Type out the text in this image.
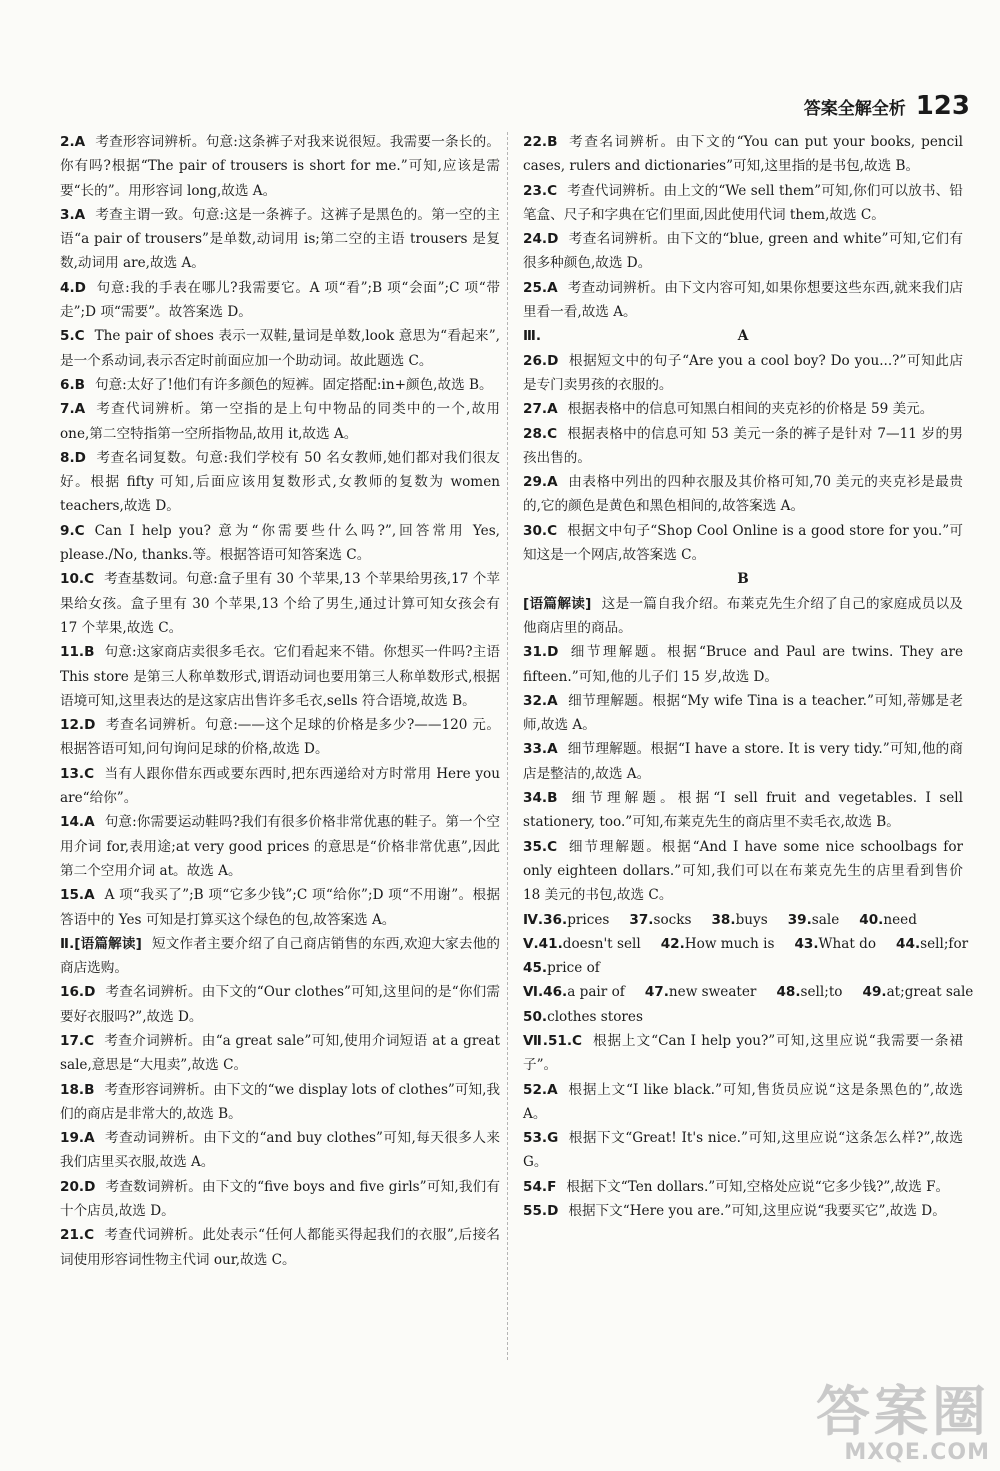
答案全解全析 123

2.A 考查形容词辨析。句意:这条裤子对我来说很短。我需要一条长的。你有吗?根据“The pair of trousers is short for me.”可知,应该是需要“长的”。用形容词 long,故选 A。

3.A 考查主谓一致。句意:这是一条裤子。这裤子是黑色的。第一空的主语“a pair of trousers”是单数,动词用 is;第二空的主语 trousers 是复数,动词用 are,故选 A。

4.D 句意:我的手表在哪儿?我需要它。A 项“看”;B 项“会面”;C 项“带走”;D 项“需要”。故答案选 D。

5.C The pair of shoes 表示一双鞋,量词是单数,look 意思为“看起来”,是一个系动词,表示否定时前面应加一个助动词。故此题选 C。

6.B 句意:太好了!他们有许多颜色的短裤。固定搭配:in+颜色,故选 B。

7.A 考查代词辨析。第一空指的是上句中物品的同类中的一个,故用 one,第二空特指第一空所指物品,故用 it,故选 A。

8.D 考查名词复数。句意:我们学校有 50 名女教师,她们都对我们很友好。根据 fifty 可知,后面应该用复数形式,女教师的复数为 women teachers,故选 D。

9.C Can I help you? 意为“你需要些什么吗?”,回答常用 Yes, please./No, thanks.等。根据答语可知答案选 C。

10.C 考查基数词。句意:盒子里有 30 个苹果,13 个苹果给男孩,17 个苹果给女孩。盒子里有 30 个苹果,13 个给了男生,通过计算可知女孩会有 17 个苹果,故选 C。

11.B 句意:这家商店卖很多毛衣。它们看起来不错。你想买一件吗?主语 This store 是第三人称单数形式,谓语动词也要用第三人称单数形式,根据语境可知,这里表达的是这家店出售许多毛衣,sells 符合语境,故选 B。

12.D 考查名词辨析。句意:——这个足球的价格是多少?——120 元。根据答语可知,问句询问足球的价格,故选 D。

13.C 当有人跟你借东西或要东西时,把东西递给对方时常用 Here you are“给你”。

14.A 句意:你需要运动鞋吗?我们有很多价格非常优惠的鞋子。第一个空用介词 for,表用途;at very good prices 的意思是“价格非常优惠”,因此第二个空用介词 at。故选 A。

15.A A 项“我买了”;B 项“它多少钱”;C 项“给你”;D 项“不用谢”。根据答语中的 Yes 可知是打算买这个绿色的包,故答案选 A。

Ⅱ.[语篇解读] 短文作者主要介绍了自己商店销售的东西,欢迎大家去他的商店选购。

16.D 考查名词辨析。由下文的“Our clothes”可知,这里问的是“你们需要好衣服吗?”,故选 D。

17.C 考查介词辨析。由“a great sale”可知,使用介词短语 at a great sale,意思是“大甩卖”,故选 C。

18.B 考查形容词辨析。由下文的“we display lots of clothes”可知,我们的商店是非常大的,故选 B。

19.A 考查动词辨析。由下文的“and buy clothes”可知,每天很多人来我们店里买衣服,故选 A。

20.D 考查数词辨析。由下文的“five boys and five girls”可知,我们有十个店员,故选 D。

21.C 考查代词辨析。此处表示“任何人都能买得起我们的衣服”,后接名词使用形容词性物主代词 our,故选 C。

22.B 考查名词辨析。由下文的“You can put your books, pencil cases, rulers and dictionaries”可知,这里指的是书包,故选 B。

23.C 考查代词辨析。由上文的“We sell them”可知,你们可以放书、铅笔盒、尺子和字典在它们里面,因此使用代词 them,故选 C。

24.D 考查名词辨析。由下文的“blue, green and white”可知,它们有很多种颜色,故选 D。

25.A 考查动词辨析。由下文内容可知,如果你想要这些东西,就来我们店里看一看,故选 A。

Ⅲ.	A

26.D 根据短文中的句子“Are you a cool boy? Do you...?”可知此店是专门卖男孩的衣服的。

27.A 根据表格中的信息可知黑白相间的夹克衫的价格是 59 美元。

28.C 根据表格中的信息可知 53 美元一条的裤子是针对 7—11 岁的男孩出售的。

29.A 由表格中列出的四种衣服及其价格可知,70 美元的夹克衫是最贵的,它的颜色是黄色和黑色相间的,故答案选 A。

30.C 根据文中句子“Shop Cool Online is a good store for you.”可知这是一个网店,故答案选 C。

B

[语篇解读] 这是一篇自我介绍。布莱克先生介绍了自己的家庭成员以及他商店里的商品。

31.D 细节理解题。根据“Bruce and Paul are twins. They are fifteen.”可知,他的儿子们 15 岁,故选 D。

32.A 细节理解题。根据“My wife Tina is a teacher.”可知,蒂娜是老师,故选 A。

33.A 细节理解题。根据“I have a store. It is very tidy.”可知,他的商店是整洁的,故选 A。

34.B 细节理解题。根据“I sell fruit and vegetables. I sell stationery, too.”可知,布莱克先生的商店里不卖毛衣,故选 B。

35.C 细节理解题。根据“And I have some nice schoolbags for only eighteen dollars.”可知,我们可以在布莱克先生的店里看到售价 18 美元的书包,故选 C。

Ⅳ.36.prices 37.socks 38.buys 39.sale 40.need

Ⅴ.41.doesn't sell 42.How much is 43.What do 44.sell;for

45.price of

Ⅵ.46.a pair of 47.new sweater 48.sell;to 49.at;great sale

50.clothes stores

Ⅶ.51.C 根据上文“Can I help you?”可知,这里应说“我需要一条裙子”。

52.A 根据上文“I like black.”可知,售货员应说“这是条黑色的”,故选 A。

53.G 根据下文“Great! It's nice.”可知,这里应说“这条怎么样?”,故选 G。

54.F 根据下文“Ten dollars.”可知,空格处应说“它多少钱?”,故选 F。

55.D 根据下文“Here you are.”可知,这里应说“我要买它”,故选 D。

答案圈
MXQE.COM
